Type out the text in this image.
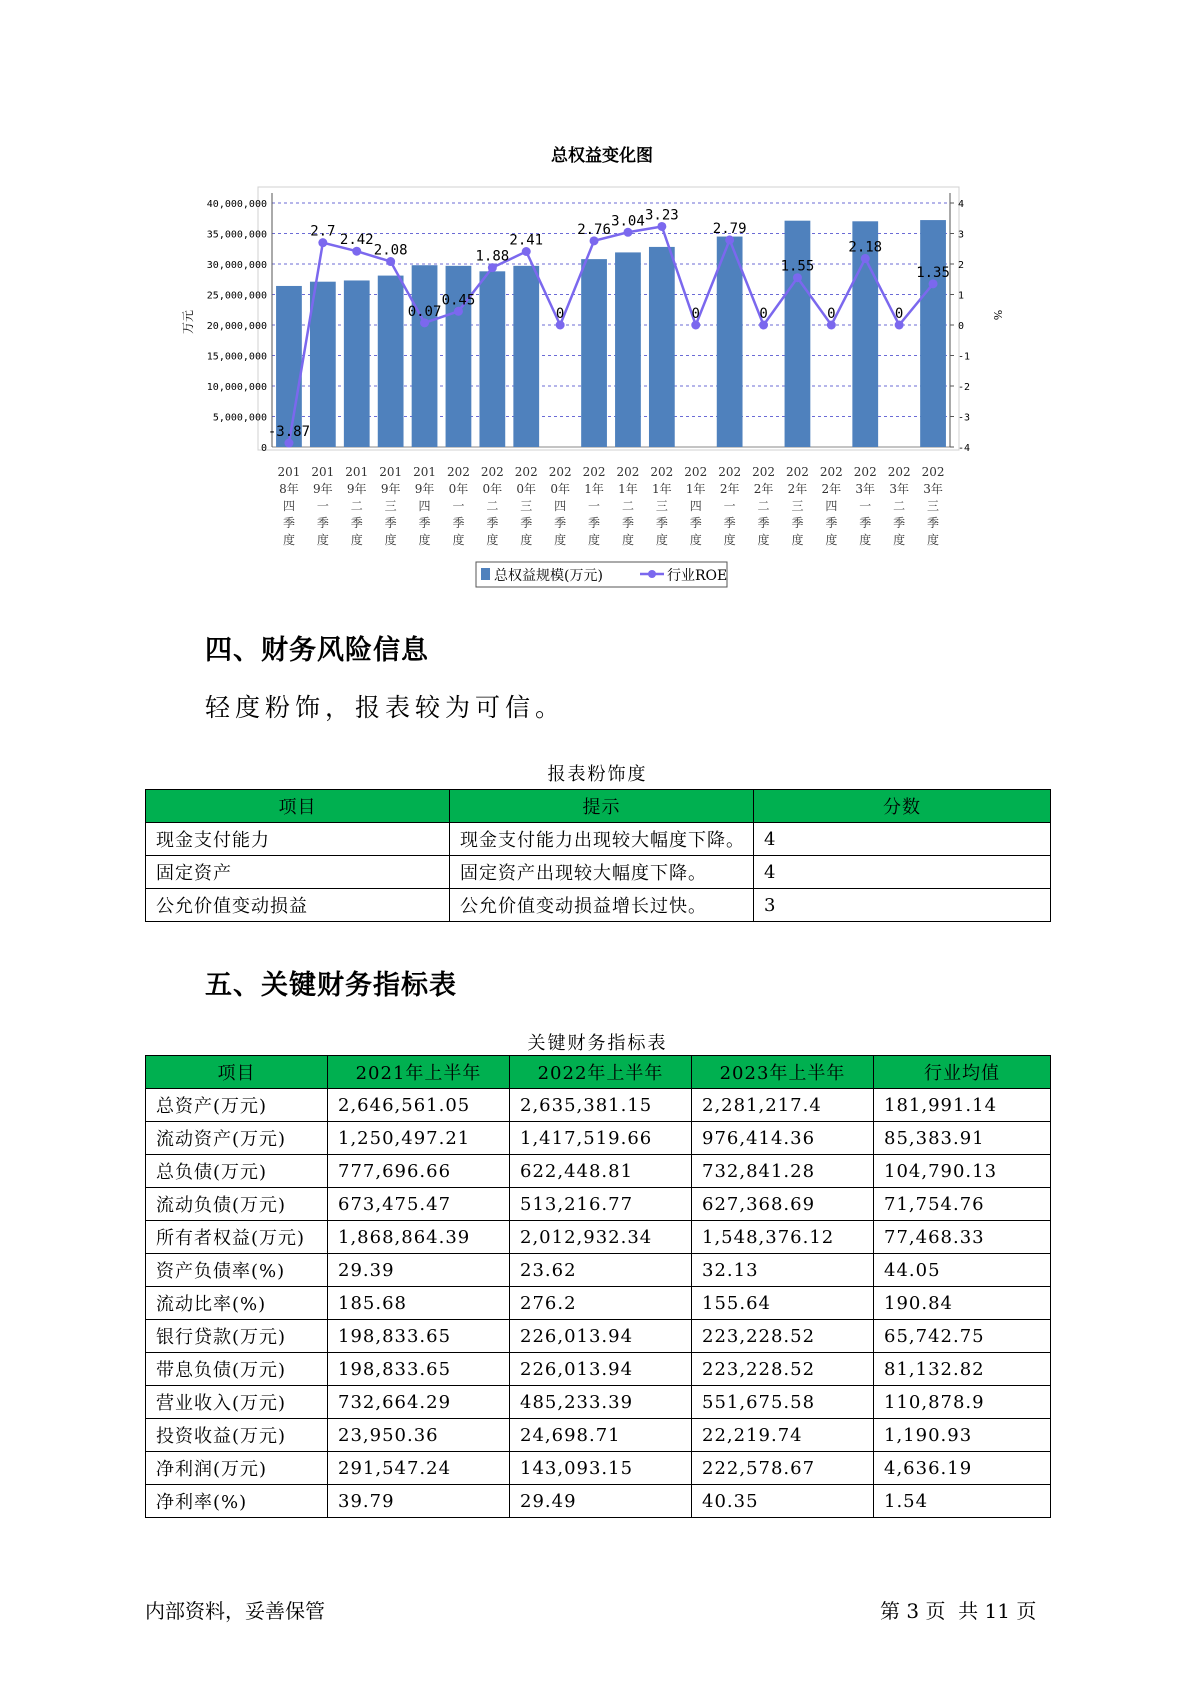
总权益变化图
0
5,000,000
10,000,000
15,000,000
20,000,000
25,000,000
30,000,000
35,000,000
40,000,000	4
3
2
1
0
-1
-2
-3
-4
万元	%
-3.87
2.7
2.42
2.08
0.07
0.45
1.88
2.41
0
2.76
3.04 3.23
0
2.79
0
1.55
0
2.18
0
1.35
201
8年
四
季
度
201
9年
一
季
度
201
9年
二
季
度
201
9年
三
季
度
201
9年
四
季
度
202
0年
一
季
度
202
0年
二
季
度
202
0年
三
季
度
202
0年
四
季
度
202
1年
一
季
度
202
1年
二
季
度
202
1年
三
季
度
202
1年
四
季
度
202
2年
一
季
度
202
2年
二
季
度
202
2年
三
季
度
202
2年
四
季
度
202
3年
一
季
度
202
3年
二
季
度
202
3年
三
季
度
总权益规模(万元)	行业ROE
四、财务风险信息

轻度粉饰，报表较为可信。

报表粉饰度
项目	提示	分数
现金支付能力	现金支付能力出现较大幅度下降。	4
固定资产	固定资产出现较大幅度下降。	4
公允价值变动损益	公允价值变动损益增长过快。	3
五、关键财务指标表
关键财务指标表
项目	2021年上半年	2022年上半年	2023年上半年	行业均值
总资产(万元)	2,646,561.05	2,635,381.15	2,281,217.4	181,991.14
流动资产(万元)	1,250,497.21	1,417,519.66	976,414.36	85,383.91
总负债(万元)	777,696.66	622,448.81	732,841.28	104,790.13
流动负债(万元)	673,475.47	513,216.77	627,368.69	71,754.76
所有者权益(万元)	1,868,864.39	2,012,932.34	1,548,376.12	77,468.33
资产负债率(%)	29.39	23.62	32.13	44.05
流动比率(%)	185.68	276.2	155.64	190.84
银行贷款(万元)	198,833.65	226,013.94	223,228.52	65,742.75
带息负债(万元)	198,833.65	226,013.94	223,228.52	81,132.82
营业收入(万元)	732,664.29	485,233.39	551,675.58	110,878.9
投资收益(万元)	23,950.36	24,698.71	22,219.74	1,190.93
净利润(万元)	291,547.24	143,093.15	222,578.67	4,636.19
净利率(%)	39.79	29.49	40.35	1.54
内部资料，妥善保管	第 3 页  共 11 页
